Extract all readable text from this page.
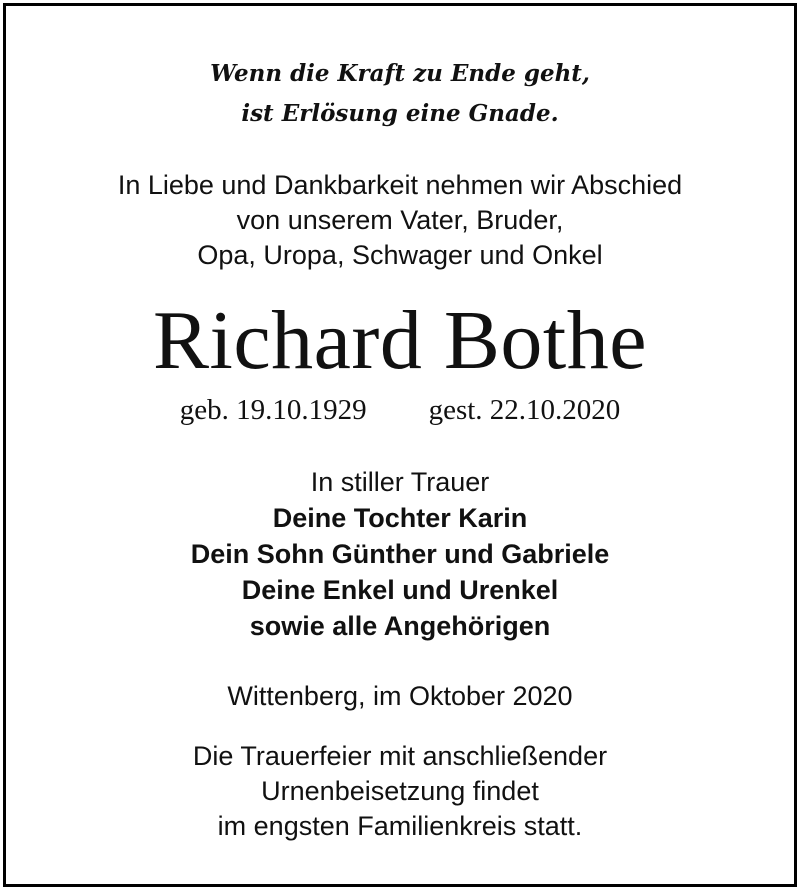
Wenn die Kraft zu Ende geht,
ist Erlösung eine Gnade.
In Liebe und Dankbarkeit nehmen wir Abschied
von unserem Vater, Bruder,
Opa, Uropa, Schwager und Onkel
Richard Bothe
geb. 19.10.1929 gest. 22.10.2020
In stiller Trauer
Deine Tochter Karin
Dein Sohn Günther und Gabriele
Deine Enkel und Urenkel
sowie alle Angehörigen
Wittenberg, im Oktober 2020
Die Trauerfeier mit anschließender
Urnenbeisetzung findet
im engsten Familienkreis statt.
